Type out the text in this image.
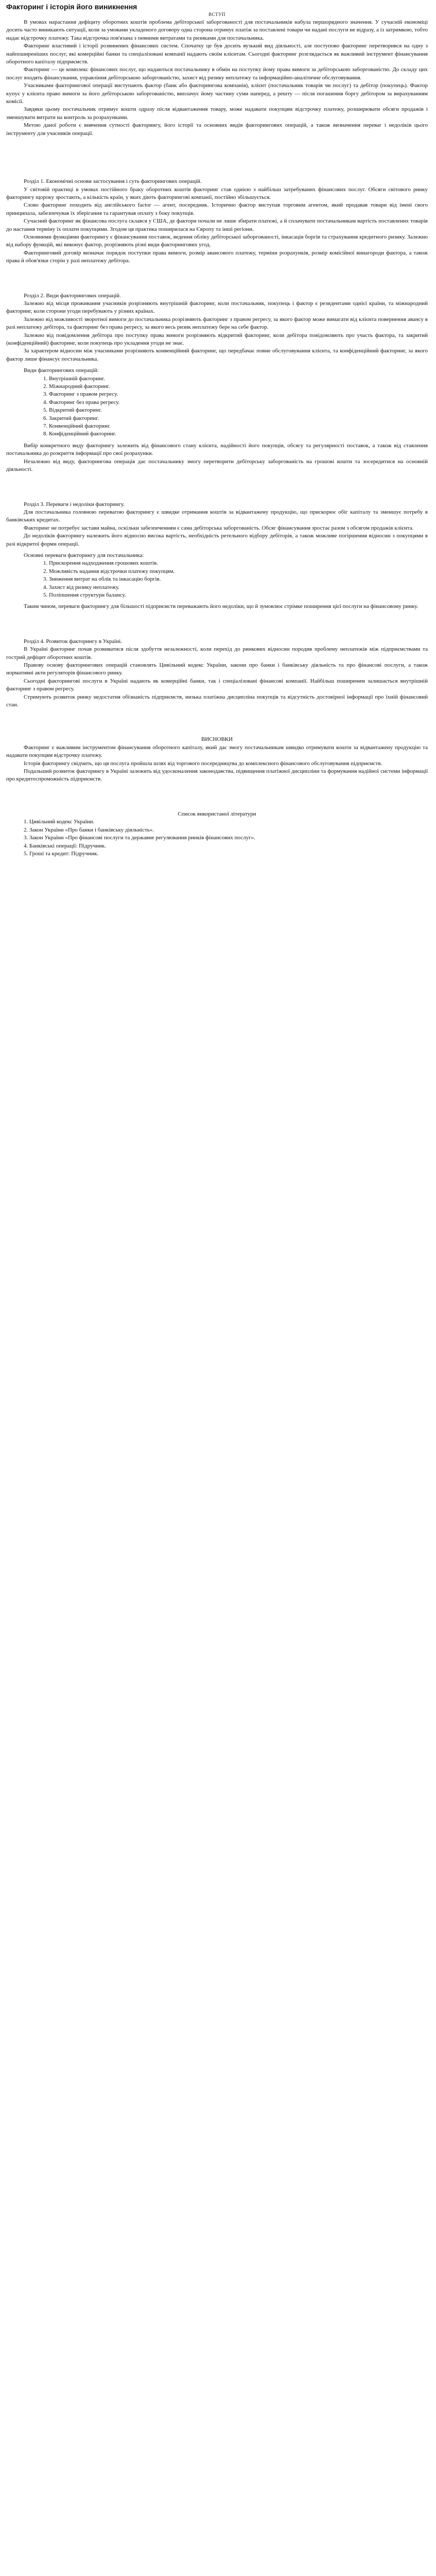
Факторинг і історія його виникнення
ВСТУП

В умовах нарастання дефіциту оборотних коштів проблема дебіторської заборгованості для постачальників набула першорядного значення. У сучасній економіці досить часто виникають ситуації, коли за умовами укладеного договору одна сторона отримує платіж за поставлені товари чи надані послуги не відразу, а із затримкою, тобто надає відстрочку платежу. Така відстрочка пов'язана з певними витратами та ризиками для постачальника.

Факторинг властивий і історії розвинених фінансових систем. Спочатку це був досить вузький вид діяльності, але поступово факторинг перетворився на одну з найпоширеніших послуг, які комерційні банки та спеціалізовані компанії надають своїм клієнтам. Сьогодні факторинг розглядається як важливий інструмент фінансування оборотного капіталу підприємств.

Факторинг — це комплекс фінансових послуг, що надаються постачальнику в обмін на поступку йому права вимоги за дебіторською заборгованістю. До складу цих послуг входять фінансування, управління дебіторською заборгованістю, захист від ризику неплатежу та інформаційно-аналітичне обслуговування.

Учасниками факторингової операції виступають фактор (банк або факторингова компанія), клієнт (постачальник товарів чи послуг) та дебітор (покупець). Фактор купує у клієнта право вимоги за його дебіторською заборгованістю, виплачує йому частину суми наперед, а решту — після погашення боргу дебітором за вирахуванням комісії.

Завдяки цьому постачальник отримує кошти одразу після відвантаження товару, може надавати покупцям відстрочку платежу, розширювати обсяги продажів і зменшувати витрати на контроль за розрахунками.

Метою даної роботи є вивчення сутності факторингу, його історії та основних видів факторингових операцій, а також визначення переваг і недоліків цього інструменту для учасників операції.

Розділ 1. Економічні основи застосування і суть факторингових операцій.

У світовій практиці в умовах постійного браку оборотних коштів факторинг став однією з найбільш затребуваних фінансових послуг. Обсяги світового ринку факторингу щороку зростають, а кількість країн, у яких діють факторингові компанії, постійно збільшується.

Слово факторинг походить від англійського factor — агент, посередник. Історично фактор виступав торговим агентом, який продавав товари від імені свого принципала, забезпечував їх зберігання та гарантував оплату з боку покупців.

Сучасний факторинг як фінансова послуга склався у США, де фактори почали не лише збирати платежі, а й сплачувати постачальникам вартість поставлених товарів до настання терміну їх оплати покупцями. Згодом ця практика поширилася на Європу та інші регіони.

Основними функціями факторингу є фінансування поставок, ведення обліку дебіторської заборгованості, інкасація боргів та страхування кредитного ризику. Залежно від набору функцій, які виконує фактор, розрізняють різні види факторингових угод.

Факторинговий договір визначає порядок поступки права вимоги, розмір авансового платежу, терміни розрахунків, розмір комісійної винагороди фактора, а також права й обов'язки сторін у разі неплатежу дебітора.

Розділ 2. Види факторингових операцій.

Залежно від місця проживання учасників розрізняють внутрішній факторинг, коли постачальник, покупець і фактор є резидентами однієї країни, та міжнародний факторинг, коли сторони угоди перебувають у різних країнах.

Залежно від можливості зворотної вимоги до постачальника розрізняють факторинг з правом регресу, за якого фактор може вимагати від клієнта повернення авансу в разі неплатежу дебітора, та факторинг без права регресу, за якого весь ризик неплатежу бере на себе фактор.

Залежно від повідомлення дебітора про поступку права вимоги розрізняють відкритий факторинг, коли дебітора повідомляють про участь фактора, та закритий (конфіденційний) факторинг, коли покупець про укладення угоди не знає.

За характером відносин між учасниками розрізняють конвенційний факторинг, що передбачає повне обслуговування клієнта, та конфіденційний факторинг, за якого фактор лише фінансує постачальника.

Види факторингових операцій:

1. Внутрішній факторинг.
2. Міжнародний факторинг.
3. Факторинг з правом регресу.
4. Факторинг без права регресу.
5. Відкритий факторинг.
6. Закритий факторинг.
7. Конвенційний факторинг.
8. Конфіденційний факторинг.

Вибір конкретного виду факторингу залежить від фінансового стану клієнта, надійності його покупців, обсягу та регулярності поставок, а також від ставлення постачальника до розкриття інформації про свої розрахунки.

Незалежно від виду, факторингова операція дає постачальнику змогу перетворити дебіторську заборгованість на грошові кошти та зосередитися на основній діяльності.

Розділ 3. Переваги і недоліки факторингу.

Для постачальника головною перевагою факторингу є швидке отримання коштів за відвантажену продукцію, що прискорює обіг капіталу та зменшує потребу в банківських кредитах.

Факторинг не потребує застави майна, оскільки забезпеченням є сама дебіторська заборгованість. Обсяг фінансування зростає разом з обсягом продажів клієнта.

До недоліків факторингу належить його відносно висока вартість, необхідність ретельного відбору дебіторів, а також можливе погіршення відносин з покупцями в разі відкритої форми операції.

Основні переваги факторингу для постачальника:

1. Прискорення надходження грошових коштів.
2. Можливість надання відстрочки платежу покупцям.
3. Зниження витрат на облік та інкасацію боргів.
4. Захист від ризику неплатежу.
5. Поліпшення структури балансу.

Таким чином, переваги факторингу для більшості підприємств переважають його недоліки, що й зумовлює стрімке поширення цієї послуги на фінансовому ринку.

Розділ 4. Розвиток факторингу в Україні.

В Україні факторинг почав розвиватися після здобуття незалежності, коли перехід до ринкових відносин породив проблему неплатежів між підприємствами та гострий дефіцит оборотних коштів.

Правову основу факторингових операцій становлять Цивільний кодекс України, закони про банки і банківську діяльність та про фінансові послуги, а також нормативні акти регуляторів фінансового ринку.

Сьогодні факторингові послуги в Україні надають як комерційні банки, так і спеціалізовані фінансові компанії. Найбільш поширеним залишається внутрішній факторинг з правом регресу.

Стримують розвиток ринку недостатня обізнаність підприємств, низька платіжна дисципліна покупців та відсутність достовірної інформації про їхній фінансовий стан.

ВИСНОВКИ

Факторинг є важливим інструментом фінансування оборотного капіталу, який дає змогу постачальникам швидко отримувати кошти за відвантажену продукцію та надавати покупцям відстрочку платежу.

Історія факторингу свідчить, що ця послуга пройшла шлях від торгового посередництва до комплексного фінансового обслуговування підприємств.

Подальший розвиток факторингу в Україні залежить від удосконалення законодавства, підвищення платіжної дисципліни та формування надійної системи інформації про кредитоспроможність підприємств.

Список використаної літератури

1. Цивільний кодекс України.
2. Закон України «Про банки і банківську діяльність».
3. Закон України «Про фінансові послуги та державне регулювання ринків фінансових послуг».
4. Банківські операції: Підручник.
5. Гроші та кредит: Підручник.
